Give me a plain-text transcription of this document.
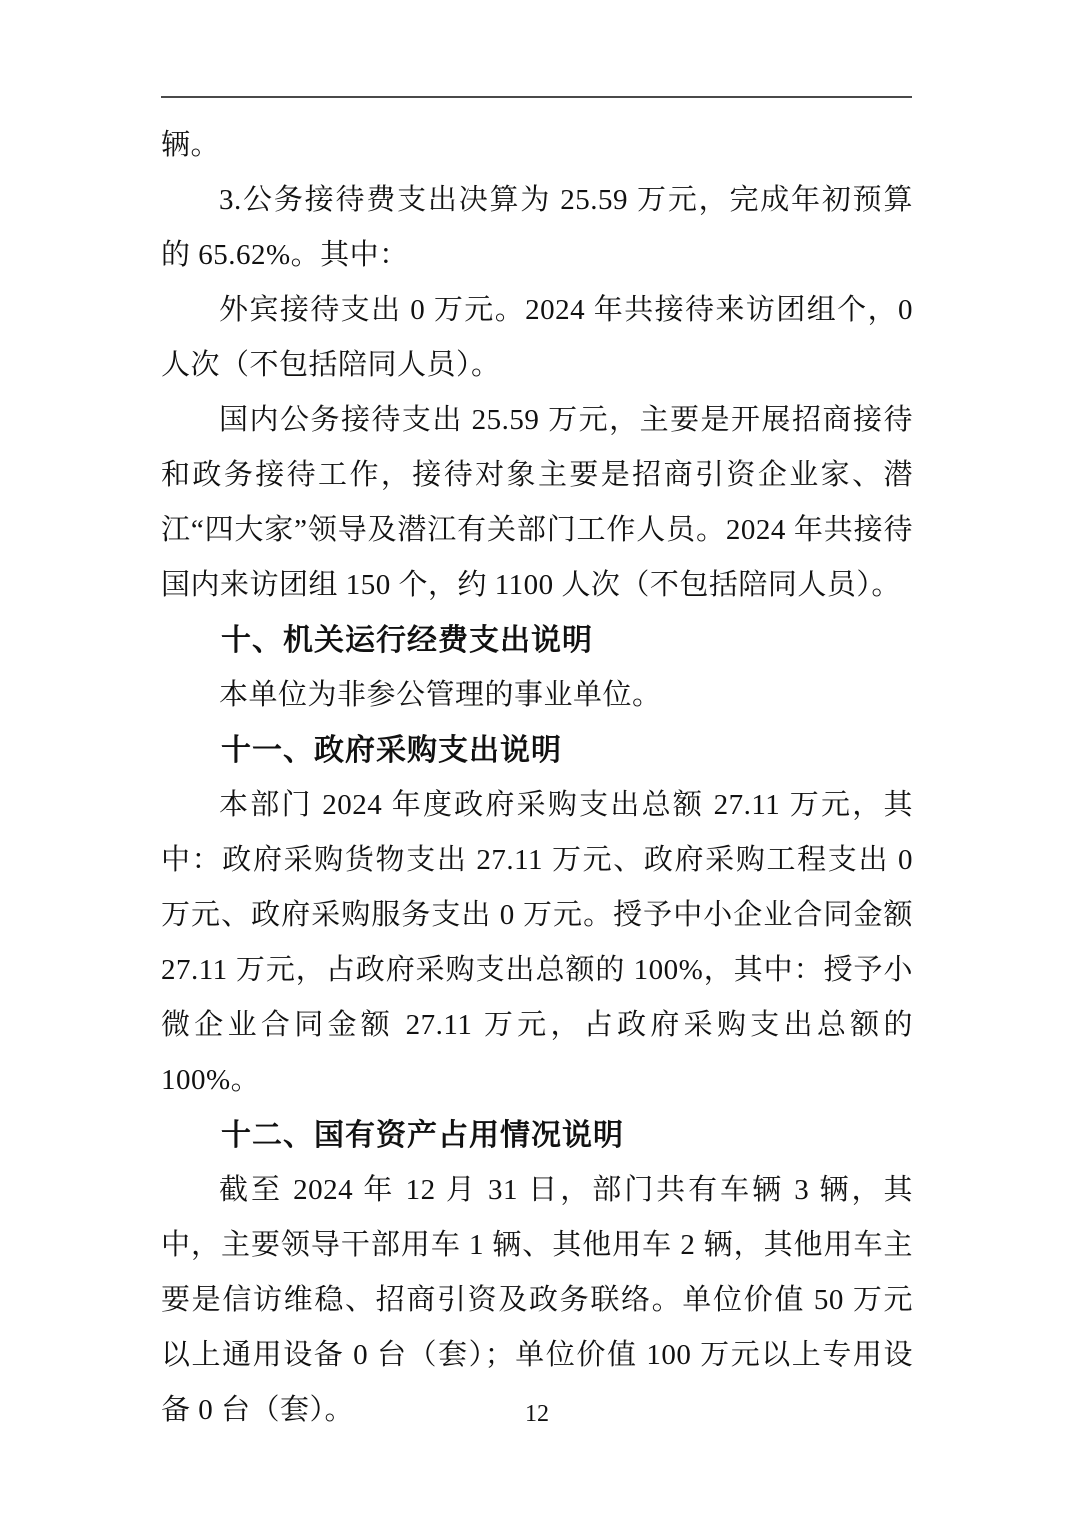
辆。
3.公务接待费支出决算为 25.59 万元，完成年初预算的 65.62%。其中：
外宾接待支出 0 万元。2024 年共接待来访团组个，0 人次（不包括陪同人员）。
国内公务接待支出 25.59 万元，主要是开展招商接待和政务接待工作，接待对象主要是招商引资企业家、潜江“四大家”领导及潜江有关部门工作人员。2024 年共接待国内来访团组 150 个，约 1100 人次（不包括陪同人员）。
十、机关运行经费支出说明
本单位为非参公管理的事业单位。
十一、政府采购支出说明
本部门 2024 年度政府采购支出总额 27.11 万元，其中：政府采购货物支出 27.11 万元、政府采购工程支出 0 万元、政府采购服务支出 0 万元。授予中小企业合同金额 27.11 万元，占政府采购支出总额的 100%，其中：授予小微企业合同金额 27.11 万元，占政府采购支出总额的 100%。
十二、国有资产占用情况说明
截至 2024 年 12 月 31 日，部门共有车辆 3 辆，其中，主要领导干部用车 1 辆、其他用车 2 辆，其他用车主要是信访维稳、招商引资及政务联络。单位价值 50 万元以上通用设备 0 台（套）；单位价值 100 万元以上专用设备 0 台（套）。	12
